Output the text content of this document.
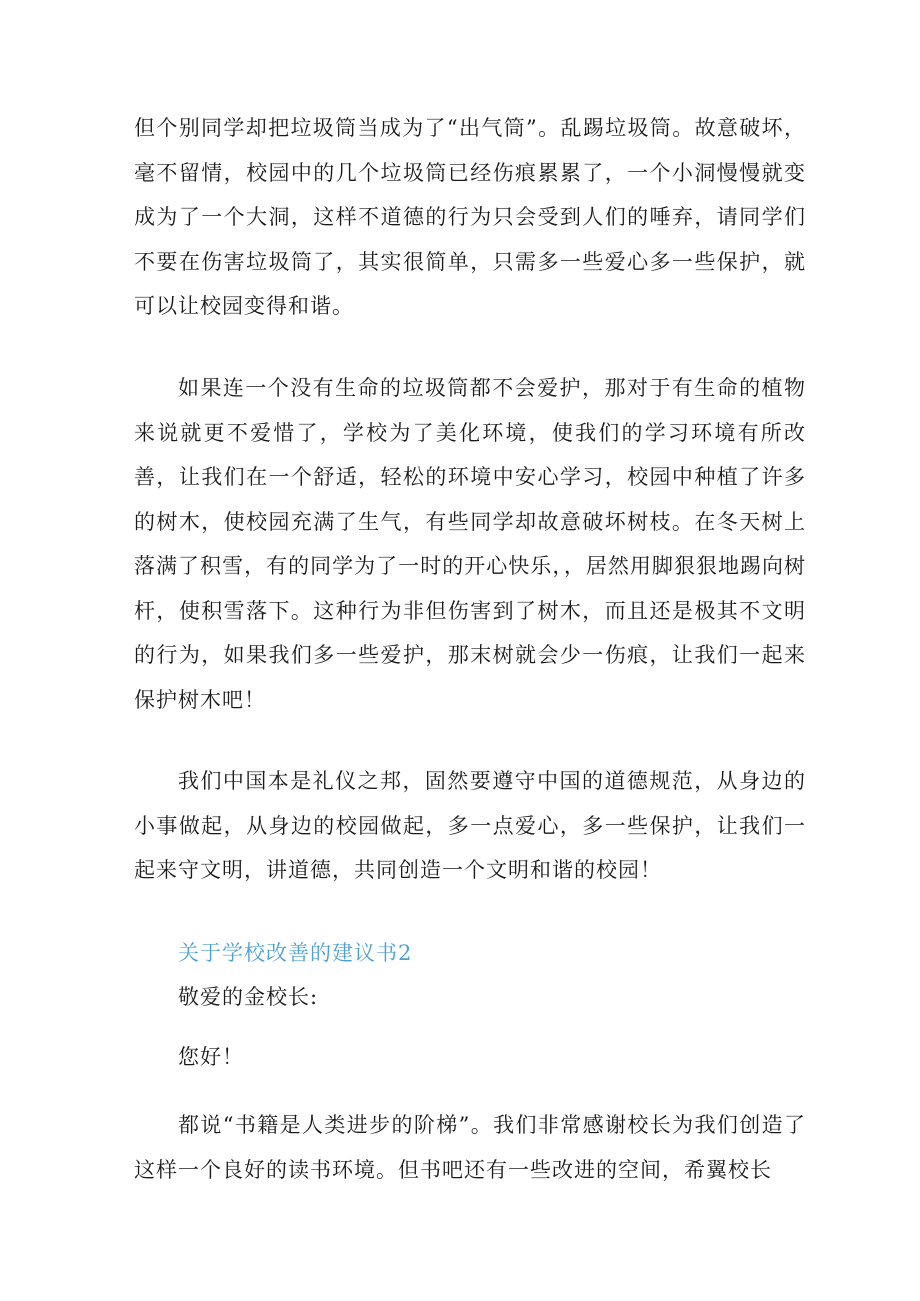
但个别同学却把垃圾筒当成为了“出气筒”。乱踢垃圾筒。故意破坏，毫不留情，校园中的几个垃圾筒已经伤痕累累了，一个小洞慢慢就变成为了一个大洞，这样不道德的行为只会受到人们的唾弃，请同学们不要在伤害垃圾筒了，其实很简单，只需多一些爱心多一些保护，就可以让校园变得和谐。

如果连一个没有生命的垃圾筒都不会爱护，那对于有生命的植物来说就更不爱惜了，学校为了美化环境，使我们的学习环境有所改善，让我们在一个舒适，轻松的环境中安心学习，校园中种植了许多的树木，使校园充满了生气，有些同学却故意破坏树枝。在冬天树上落满了积雪，有的同学为了一时的开心快乐，，居然用脚狠狠地踢向树杆，使积雪落下。这种行为非但伤害到了树木，而且还是极其不文明的行为，如果我们多一些爱护，那末树就会少一伤痕，让我们一起来保护树木吧！

我们中国本是礼仪之邦，固然要遵守中国的道德规范，从身边的小事做起，从身边的校园做起，多一点爱心，多一些保护，让我们一起来守文明，讲道德，共同创造一个文明和谐的校园！

关于学校改善的建议书2

敬爱的金校长:

您好！

都说“书籍是人类进步的阶梯”。我们非常感谢校长为我们创造了这样一个良好的读书环境。但书吧还有一些改进的空间，希翼校长
